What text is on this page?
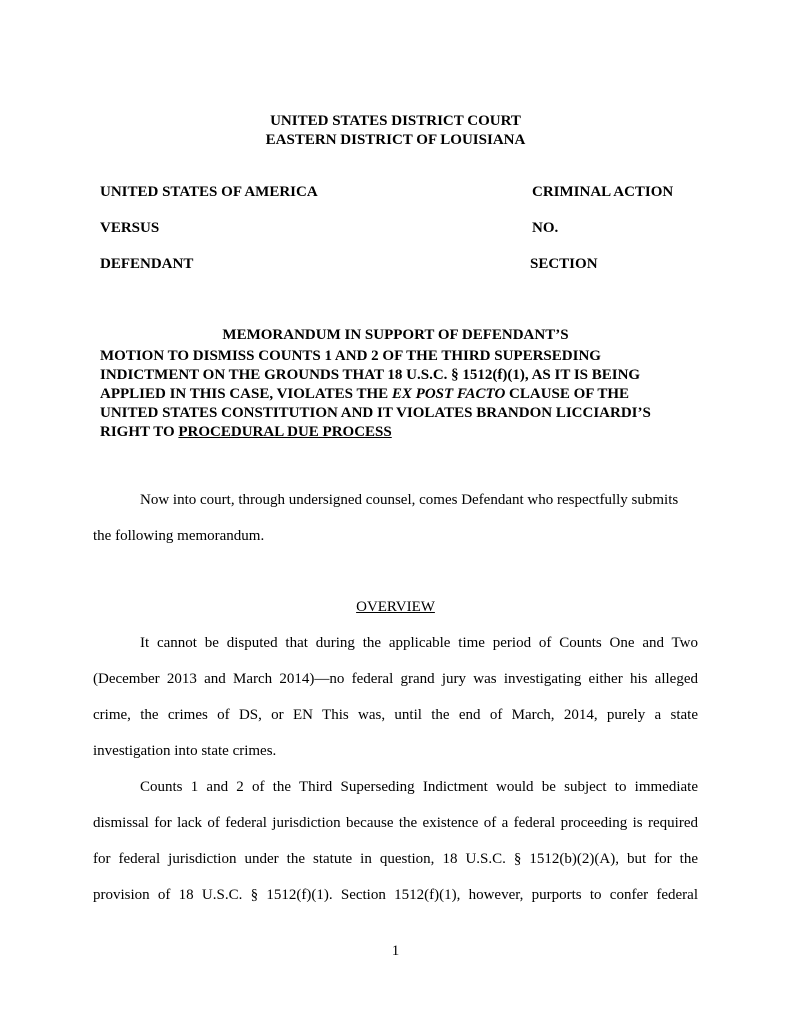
UNITED STATES DISTRICT COURT
EASTERN DISTRICT OF LOUISIANA
UNITED STATES OF AMERICA
VERSUS
DEFENDANT
CRIMINAL ACTION
NO.
SECTION
MEMORANDUM IN SUPPORT OF DEFENDANT’S
MOTION TO DISMISS COUNTS 1 AND 2 OF THE THIRD SUPERSEDING
INDICTMENT ON THE GROUNDS THAT 18 U.S.C. § 1512(f)(1), AS IT IS BEING
APPLIED IN THIS CASE, VIOLATES THE EX POST FACTO CLAUSE OF THE
UNITED STATES CONSTITUTION AND IT VIOLATES BRANDON LICCIARDI’S
RIGHT TO PROCEDURAL DUE PROCESS
Now into court, through undersigned counsel, comes Defendant who respectfully submits
the following memorandum.
OVERVIEW
It cannot be disputed that during the applicable time period of Counts One and Two
(December 2013 and March 2014)—no federal grand jury was investigating either his alleged
crime, the crimes of DS, or EN This was, until the end of March, 2014, purely a state
investigation into state crimes.
Counts 1 and 2 of the Third Superseding Indictment would be subject to immediate
dismissal for lack of federal jurisdiction because the existence of a federal proceeding is required
for federal jurisdiction under the statute in question, 18 U.S.C. § 1512(b)(2)(A), but for the
provision of 18 U.S.C. § 1512(f)(1). Section 1512(f)(1), however, purports to confer federal
1
